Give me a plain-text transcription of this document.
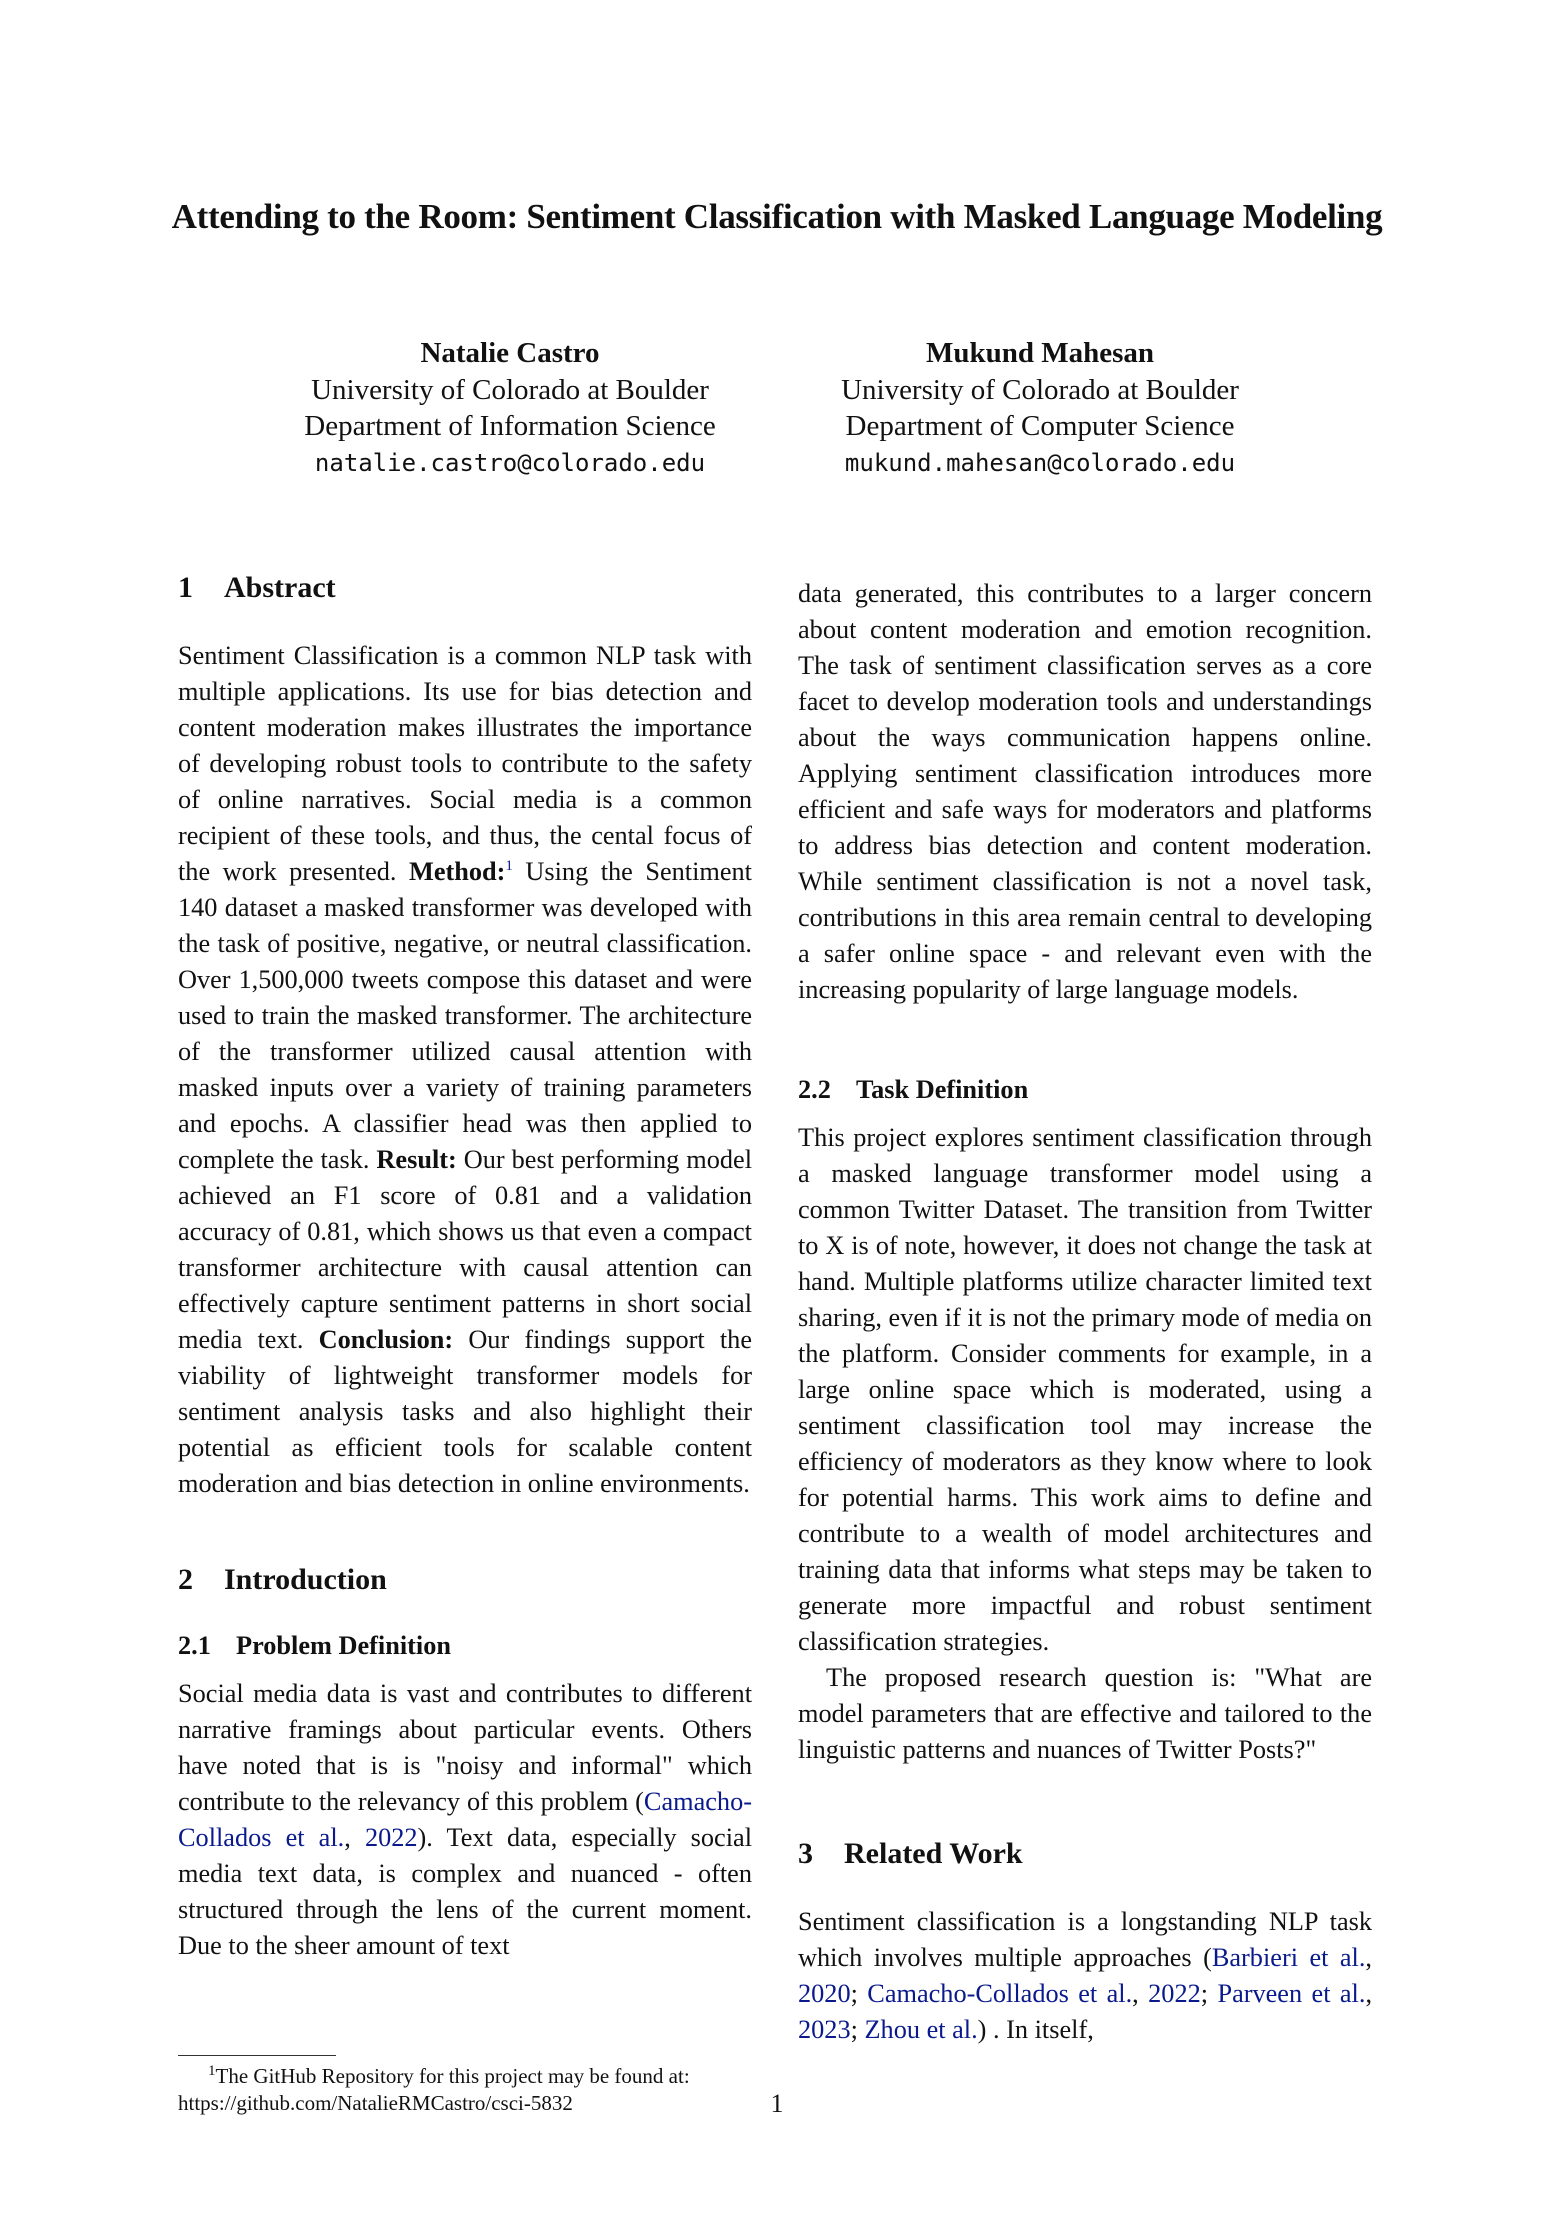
Attending to the Room: Sentiment Classification with Masked Language Modeling
Natalie Castro
University of Colorado at Boulder
Department of Information Science
natalie.castro@colorado.edu
Mukund Mahesan
University of Colorado at Boulder
Department of Computer Science
mukund.mahesan@colorado.edu
1 Abstract
Sentiment Classification is a common NLP task with multiple applications. Its use for bias detection and content moderation makes illustrates the importance of developing robust tools to contribute to the safety of online narratives. Social media is a common recipient of these tools, and thus, the cental focus of the work presented. Method:$^1$ Using the Sentiment 140 dataset a masked transformer was developed with the task of positive, negative, or neutral classification. Over 1,500,000 tweets compose this dataset and were used to train the masked transformer. The architecture of the transformer utilized causal attention with masked inputs over a variety of training parameters and epochs. A classifier head was then applied to complete the task. Result: Our best performing model achieved an F1 score of 0.81 and a validation accuracy of 0.81, which shows us that even a compact transformer architecture with causal attention can effectively capture sentiment patterns in short social media text. Conclusion: Our findings support the viability of lightweight transformer models for sentiment analysis tasks and also highlight their potential as efficient tools for scalable content moderation and bias detection in online environments.
2 Introduction
2.1 Problem Definition
Social media data is vast and contributes to different narrative framings about particular events. Others have noted that is is "noisy and informal" which contribute to the relevancy of this problem (Camacho-Collados et al., 2022). Text data, especially social media text data, is complex and nuanced - often structured through the lens of the current moment. Due to the sheer amount of text
$^1$The GitHub Repository for this project may be found at:
https://github.com/NatalieRMCastro/csci-5832
data generated, this contributes to a larger concern about content moderation and emotion recognition. The task of sentiment classification serves as a core facet to develop moderation tools and understandings about the ways communication happens online. Applying sentiment classification introduces more efficient and safe ways for moderators and platforms to address bias detection and content moderation. While sentiment classification is not a novel task, contributions in this area remain central to developing a safer online space - and relevant even with the increasing popularity of large language models.
2.2 Task Definition
This project explores sentiment classification through a masked language transformer model using a common Twitter Dataset. The transition from Twitter to X is of note, however, it does not change the task at hand. Multiple platforms utilize character limited text sharing, even if it is not the primary mode of media on the platform. Consider comments for example, in a large online space which is moderated, using a sentiment classification tool may increase the efficiency of moderators as they know where to look for potential harms. This work aims to define and contribute to a wealth of model architectures and training data that informs what steps may be taken to generate more impactful and robust sentiment classification strategies.
The proposed research question is: "What are model parameters that are effective and tailored to the linguistic patterns and nuances of Twitter Posts?"
3 Related Work
Sentiment classification is a longstanding NLP task which involves multiple approaches (Barbieri et al., 2020; Camacho-Collados et al., 2022; Parveen et al., 2023; Zhou et al.) . In itself,
1
